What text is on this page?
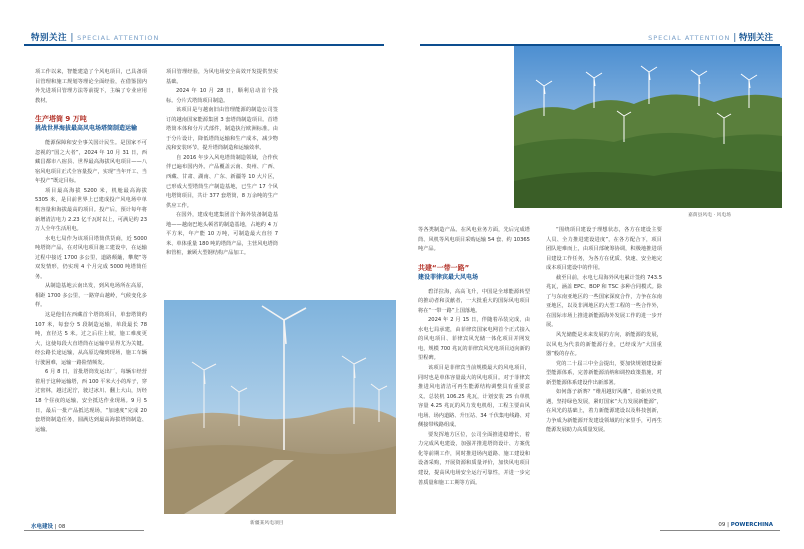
特别关注 | SPECIAL ATTENTION	SPECIAL ATTENTION | 特别关注

项工作以来，智能建造了个风电项目，已具备项目管理和施工规划等理论全面经验，在借鉴国内外先进项目管理方法等前提下，主编了专业应用教材。

生产塔筒 9 万吨
挑战世界海拔最高风电场塔筒制造运输

能源保障和安全事关国计民生。是国家不可忽视的“国之大者”，2024 年 10 月 31 日，西藏昌都市八宿县、世界最高海拔风电项目——八宿风电项目正式全容量投产，实现“当年开工、当年投产”既定目标。

项目最高海拔 5200 米，机舱最高海拔 5305 米，是目前世界上已建成投产风电场中单机容量和海拔最高的项目。投产后，预计每年将新增清洁电力 2.23 亿千瓦时以上，可满足约 23 万人全年生活用电。

水电七局作为该项目塔筒供货商，近 5000 吨塔筒产品，在对风电项目施工建设中，在运输过程中接近 1700 多公里，道路颠簸，攀爬“等双发情形，仍实现 4 个月完成 5000 吨塔筒任务。

从制造基地云南出发，到风电场所在高原，相距 1700 多公里，一路穿山越岭，气候变化多样。

这是他们在西藏首个塔筒项目，单套塔筒约 107 米，每套分 5 段制造运输，单段最长 78 吨，直径达 5 米。过之后往上坡，施工难度更大，这使每段大直塔筒在运输中显得尤为关键。经公路长途运输，从高原边缘到现场，施工车辆行驶困难，运输一路险情频发。

6 月 8 日，首批塔筒发运出厂，每辆车经营着用于这种运输塔，西 100 平米大小的库子，穿过密林，越过泥泞，驶过冰川、翻上大山，历经 18 个昼夜的运输，安全抵达作业现场。9 月 5 日，最后一批产品抵达现场，“加速度”完成 20 套塔筒制造任务，圆满达到最高海拔塔筒制造、运输。

项目管理经验，为风电场安全高效开发提供坚实基础。

2024 年 10 月 28 日，顺利启动首个投标。分片式塔筒项目制造。

该项目是与越南旧由管理能源的制造公司签订的越南国家能源集团 3 套塔筒制造项目。首塔塔筒本体和分片式部件，制造执行欧洲标准。由于分片设计，降低塔筒运输和生产成本，减少物流和安装环节，提升塔筒制造和运输效率。

自 2016 年步入风电塔筒制造领域，合作伙伴已遍布国内外。产品覆盖云南、贵州、广西、西藏、甘肃、湖南、广东、新疆等 10 大片区，已形成大型塔筒生产制造基地，已生产 17 个风电塔筒项目，共计 377 套塔筒，8 万余吨的生产供应工作。

在国外，建成电建集团首个海外装备制造基地——越南巴地头顿省的制造基地，占地约 4 万平方米，年产能 10 万吨，可制造最大直径 7 米、单体重量 180 吨的塔筒产品，主营风电塔筒和管桩，兼顾大型钢结构产品加工。

新疆某风电项目
嘉荫县风电 · 风电场

等各类制造产品。在风电业务方面，先后完成塔筒、风机等风电项目采购运输 54 套、约 10365 吨产品。

共建“一带一路”
建设菲律宾最大风电场

碧洋拉海，高高飞升，中国是全球能源转型的推动者和贡献者，一大批重大的国际风电项目将在“一带一路”上国落地。

2024 年 2 月 15 日，伴随着吊装完成，由水电七局承建，由菲律宾国家电网首个正式接入的风电项目、菲律宾风光储一体化项目并网发电，规模 700 兆瓦的菲律宾风光电项目迈向新的里程碑。

该项目是菲律宾当前规模最大的风电项目，同时也是单体容量最大的风电项目。对于菲律宾推进风电清洁可再生能源结构调整具有重要意义。总装机 106.25 兆瓦，计划安装 25 台单机容量 4.25 兆瓦的风力发电机组，工程主要由风电场、场内道路、升压站、34 千伏集电线路、对侧接带线路组成。

要发挥地方区位，公司全面推进稳增长，着力完成风电建设，加强并推进塔筒设计、方案优化等前期工作，同时推进场内道路、施工建设和设备采购，开展资源和质量评价，加快风电项目建设，提高风电场安全运行可靠性，并进一步完善质量和施工工期等方面。

“围绕项目建设于理想状态，各方在建设主要人员、全力推进建设进度”，在各方配合下，项目团队迎难而上，由项目部统筹协调，积极地推进项目建设工作任务，为各方在优质、快速、安全地完成本项目建设中的作用。

截至目前，水电七局海外风电累计签约 743.5 兆瓦，涵盖 EPC、BOP 和 TSC 多种合同模式。除了与东南亚地区的一些国家深度合作，力争在东南亚地区，以及非洲地区的大型工程的一些合作外，在国际市场上推进新能源海外发展工作的进一步开展。

风光储能是未来发展的方向，新能源的发展，以风电为代表的新能源行业，已经成为“大国重器”般的存在。

党的二十届三中全会提出，要加快规划建设新型能源体系，完善新能源消纳和调控政策措施，对新型能源体系建设作出新部署。

如何落子新赛？“维用越好风潮”，给新历史机遇，坚持绿色发展，紧盯国家“大力发展新能源”，在风光的基础上，着力新能源建设以及科技创新，力争成为新能源开发建设领域的行家里手，可再生能源发展助力高质量发展。

水电建设 | 08	09 | POWERCHINA
